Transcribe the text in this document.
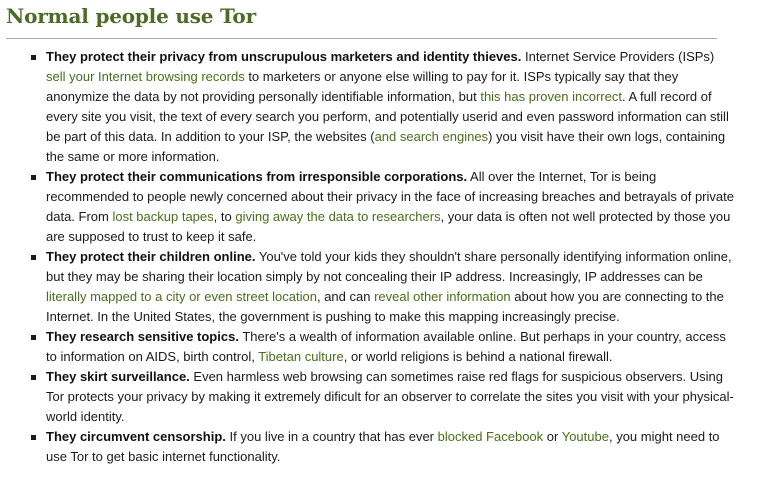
Normal people use Tor
They protect their privacy from unscrupulous marketers and identity thieves. Internet Service Providers (ISPs) sell your Internet browsing records to marketers or anyone else willing to pay for it. ISPs typically say that they anonymize the data by not providing personally identifiable information, but this has proven incorrect. A full record of every site you visit, the text of every search you perform, and potentially userid and even password information can still be part of this data. In addition to your ISP, the websites (and search engines) you visit have their own logs, containing the same or more information.
They protect their communications from irresponsible corporations. All over the Internet, Tor is being recommended to people newly concerned about their privacy in the face of increasing breaches and betrayals of private data. From lost backup tapes, to giving away the data to researchers, your data is often not well protected by those you are supposed to trust to keep it safe.
They protect their children online. You've told your kids they shouldn't share personally identifying information online, but they may be sharing their location simply by not concealing their IP address. Increasingly, IP addresses can be literally mapped to a city or even street location, and can reveal other information about how you are connecting to the Internet. In the United States, the government is pushing to make this mapping increasingly precise.
They research sensitive topics. There's a wealth of information available online. But perhaps in your country, access to information on AIDS, birth control, Tibetan culture, or world religions is behind a national firewall.
They skirt surveillance. Even harmless web browsing can sometimes raise red flags for suspicious observers. Using Tor protects your privacy by making it extremely dificult for an observer to correlate the sites you visit with your physical-world identity.
They circumvent censorship. If you live in a country that has ever blocked Facebook or Youtube, you might need to use Tor to get basic internet functionality.
